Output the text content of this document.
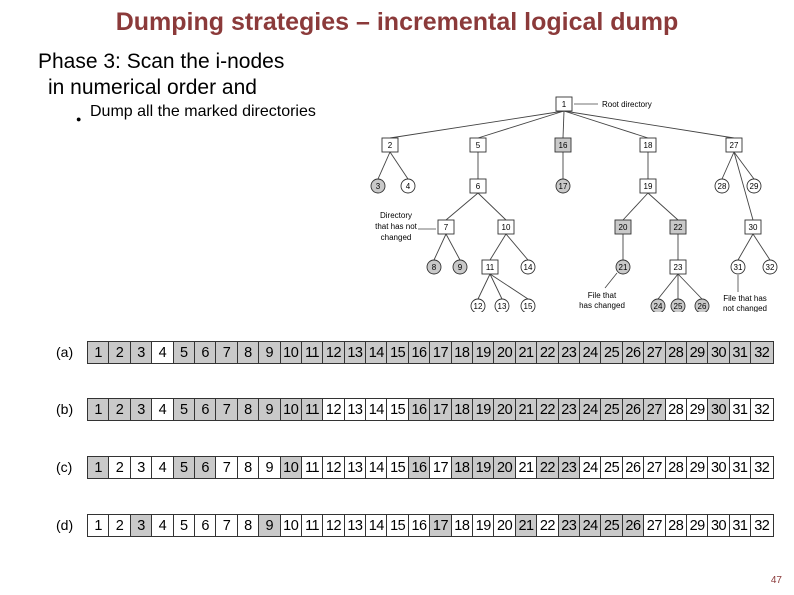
Dumping strategies – incremental logical dump
Phase 3: Scan the i-nodes
in numerical order and
● Dump all the marked directories	1
2	5	16	18	27
6	19
7	10	20	22	30
11	23
3	4	17	28	29
8	9	14	21	31	32
12 13 15	24 25 26
Root directory
Directory
that has not
changed
File that
has changed
File that has
not changed
(a)	1 2 3 4 5 6 7 8 9 10 11 12 13 14 15 16 17 18 19 20 21 22 23 24 25 26 27 28 29 30 31 32
(b)	1 2 3 4 5 6 7 8 9 10 11 12 13 14 15 16 17 18 19 20 21 22 23 24 25 26 27 28 29 30 31 32
(c)	1 2 3 4 5 6 7 8 9 10 11 12 13 14 15 16 17 18 19 20 21 22 23 24 25 26 27 28 29 30 31 32
(d)	1 2 3 4 5 6 7 8 9 10 11 12 13 14 15 16 17 18 19 20 21 22 23 24 25 26 27 28 29 30 31 32
47
